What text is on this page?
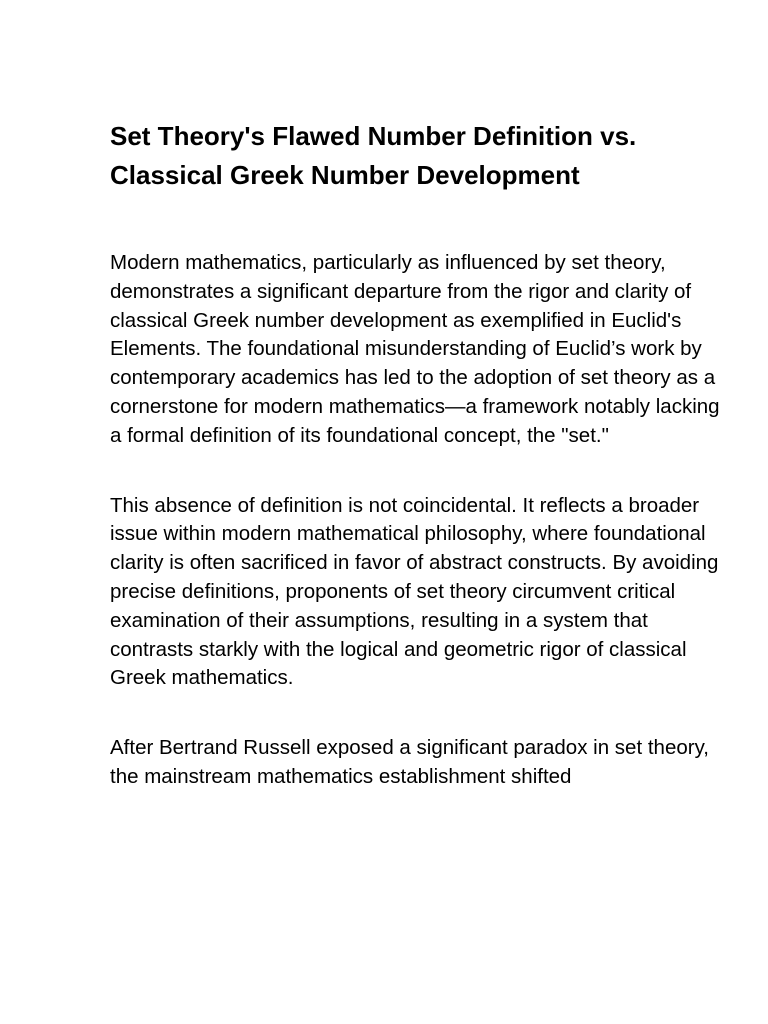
Set Theory's Flawed Number Definition vs. Classical Greek Number Development

Modern mathematics, particularly as influenced by set theory, demonstrates a significant departure from the rigor and clarity of classical Greek number development as exemplified in Euclid's Elements. The foundational misunderstanding of Euclid’s work by contemporary academics has led to the adoption of set theory as a cornerstone for modern mathematics—a framework notably lacking a formal definition of its foundational concept, the "set."

This absence of definition is not coincidental. It reflects a broader issue within modern mathematical philosophy, where foundational clarity is often sacrificed in favor of abstract constructs. By avoiding precise definitions, proponents of set theory circumvent critical examination of their assumptions, resulting in a system that contrasts starkly with the logical and geometric rigor of classical Greek mathematics.

After Bertrand Russell exposed a significant paradox in set theory, the mainstream mathematics establishment shifted
